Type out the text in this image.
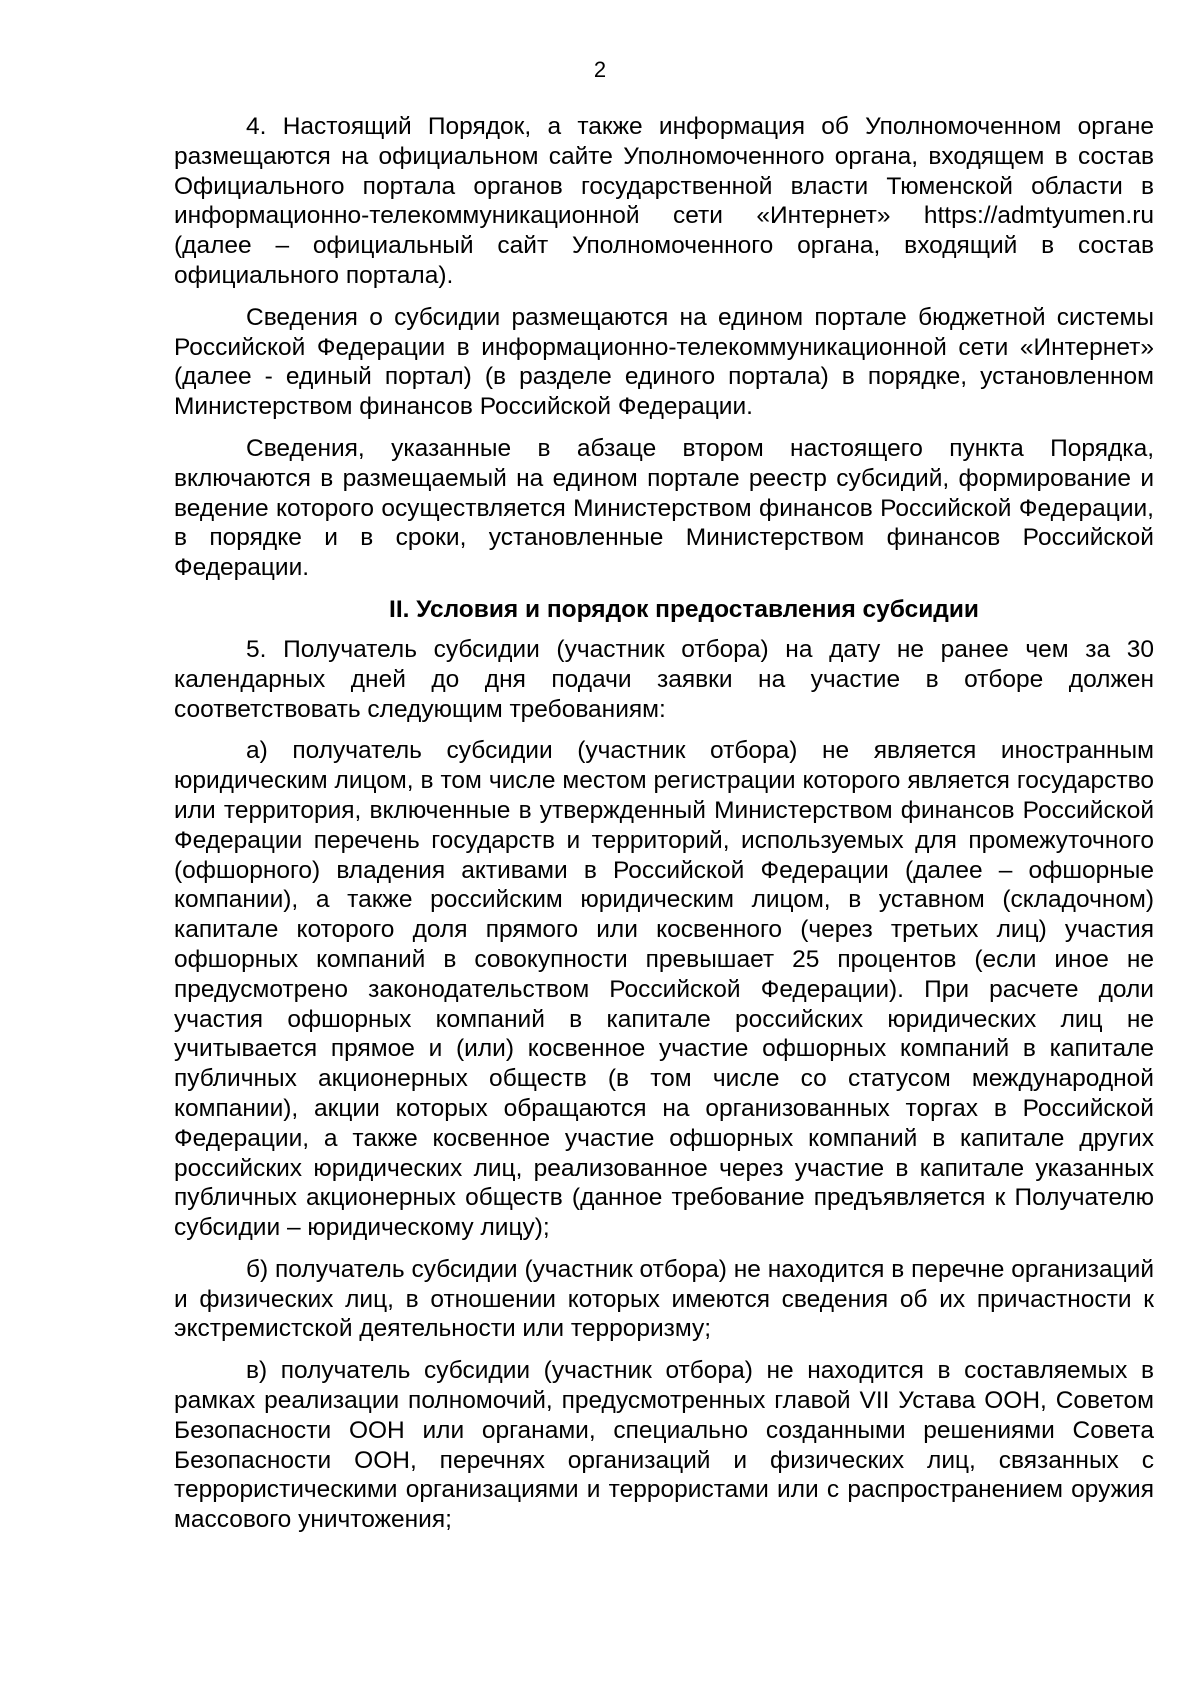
2

4. Настоящий Порядок, а также информация об Уполномоченном органе размещаются на официальном сайте Уполномоченного органа, входящем в состав Официального портала органов государственной власти Тюменской области в информационно-телекоммуникационной сети «Интернет» https://admtyumen.ru (далее – официальный сайт Уполномоченного органа, входящий в состав официального портала).

Сведения о субсидии размещаются на едином портале бюджетной системы Российской Федерации в информационно-телекоммуникационной сети «Интернет» (далее - единый портал) (в разделе единого портала) в порядке, установленном Министерством финансов Российской Федерации.

Сведения, указанные в абзаце втором настоящего пункта Порядка, включаются в размещаемый на едином портале реестр субсидий, формирование и ведение которого осуществляется Министерством финансов Российской Федерации, в порядке и в сроки, установленные Министерством финансов Российской Федерации.

II. Условия и порядок предоставления субсидии

5. Получатель субсидии (участник отбора) на дату не ранее чем за 30 календарных дней до дня подачи заявки на участие в отборе должен соответствовать следующим требованиям:

а) получатель субсидии (участник отбора) не является иностранным юридическим лицом, в том числе местом регистрации которого является государство или территория, включенные в утвержденный Министерством финансов Российской Федерации перечень государств и территорий, используемых для промежуточного (офшорного) владения активами в Российской Федерации (далее – офшорные компании), а также российским юридическим лицом, в уставном (складочном) капитале которого доля прямого или косвенного (через третьих лиц) участия офшорных компаний в совокупности превышает 25 процентов (если иное не предусмотрено законодательством Российской Федерации). При расчете доли участия офшорных компаний в капитале российских юридических лиц не учитывается прямое и (или) косвенное участие офшорных компаний в капитале публичных акционерных обществ (в том числе со статусом международной компании), акции которых обращаются на организованных торгах в Российской Федерации, а также косвенное участие офшорных компаний в капитале других российских юридических лиц, реализованное через участие в капитале указанных публичных акционерных обществ (данное требование предъявляется к Получателю субсидии – юридическому лицу);

б) получатель субсидии (участник отбора) не находится в перечне организаций и физических лиц, в отношении которых имеются сведения об их причастности к экстремистской деятельности или терроризму;

в) получатель субсидии (участник отбора) не находится в составляемых в рамках реализации полномочий, предусмотренных главой VII Устава ООН, Советом Безопасности ООН или органами, специально созданными решениями Совета Безопасности ООН, перечнях организаций и физических лиц, связанных с террористическими организациями и террористами или с распространением оружия массового уничтожения;
